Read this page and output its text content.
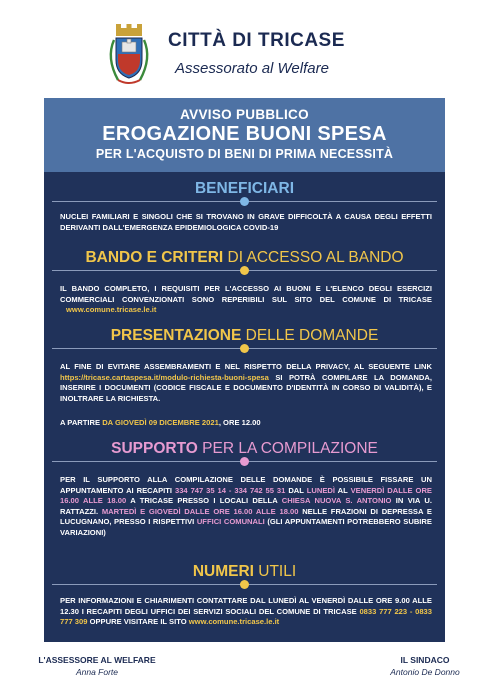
CITTÀ DI TRICASE
Assessorato al Welfare
AVVISO PUBBLICO
EROGAZIONE BUONI SPESA
PER L'ACQUISTO DI BENI DI PRIMA NECESSITÀ
BENEFICIARI
NUCLEI FAMILIARI E SINGOLI CHE SI TROVANO IN GRAVE DIFFICOLTÀ A CAUSA DEGLI EFFETTI DERIVANTI DALL'EMERGENZA EPIDEMIOLOGICA COVID-19
BANDO E CRITERI DI ACCESSO AL BANDO
IL BANDO COMPLETO, I REQUISITI PER L'ACCESSO AI BUONI E L'ELENCO DEGLI ESERCIZI COMMERCIALI CONVENZIONATI SONO REPERIBILI SUL SITO DEL COMUNE DI TRICASE www.comune.tricase.le.it
PRESENTAZIONE DELLE DOMANDE
AL FINE DI EVITARE ASSEMBRAMENTI E NEL RISPETTO DELLA PRIVACY, AL SEGUENTE LINK https://tricase.cartaspesa.it/modulo-richiesta-buoni-spesa SI POTRÀ COMPILARE LA DOMANDA, INSERIRE I DOCUMENTI (CODICE FISCALE E DOCUMENTO D'IDENTITÀ IN CORSO DI VALIDITÀ), E INOLTRARE LA RICHIESTA.
A PARTIRE DA GIOVEDÌ 09 DICEMBRE 2021, ORE 12.00
SUPPORTO PER LA COMPILAZIONE
PER IL SUPPORTO ALLA COMPILAZIONE DELLE DOMANDE È POSSIBILE FISSARE UN APPUNTAMENTO AI RECAPITI 334 747 35 14 - 334 742 55 31 DAL LUNEDÌ AL VENERDÌ DALLE ORE 16.00 ALLE 18.00 A TRICASE PRESSO I LOCALI DELLA CHIESA NUOVA S. ANTONIO IN VIA U. RATTAZZI. MARTEDÌ E GIOVEDÌ DALLE ORE 16.00 ALLE 18.00 NELLE FRAZIONI DI DEPRESSA E LUCUGNANO, PRESSO I RISPETTIVI UFFICI COMUNALI (GLI APPUNTAMENTI POTREBBERO SUBIRE VARIAZIONI)
NUMERI UTILI
PER INFORMAZIONI E CHIARIMENTI CONTATTARE DAL LUNEDÌ AL VENERDÌ DALLE ORE 9.00 ALLE 12.30 I RECAPITI DEGLI UFFICI DEI SERVIZI SOCIALI DEL COMUNE DI TRICASE 0833 777 223 - 0833 777 309 OPPURE VISITARE IL SITO www.comune.tricase.le.it
L'ASSESSORE AL WELFARE
Anna Forte
IL SINDACO
Antonio De Donno
